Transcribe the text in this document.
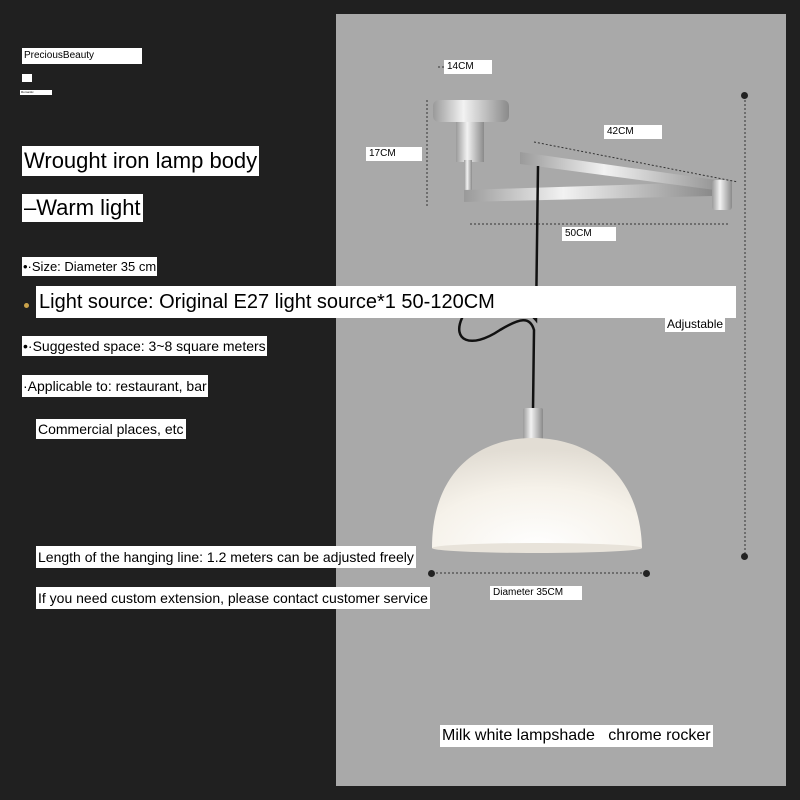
PreciousBeauty
Romantic
Wrought iron lamp body
–Warm light
•·Size: Diameter 35 cm
Light source: Original E27 light source*1 50-120CM
•·Suggested space: 3~8 square meters
·Applicable to: restaurant, bar
Commercial places, etc
Length of the hanging line: 1.2 meters can be adjusted freely
If you need custom extension, please contact customer service
14CM
42CM
17CM
50CM
Adjustable
Diameter 35CM
Milk white lampshade   chrome rocker
